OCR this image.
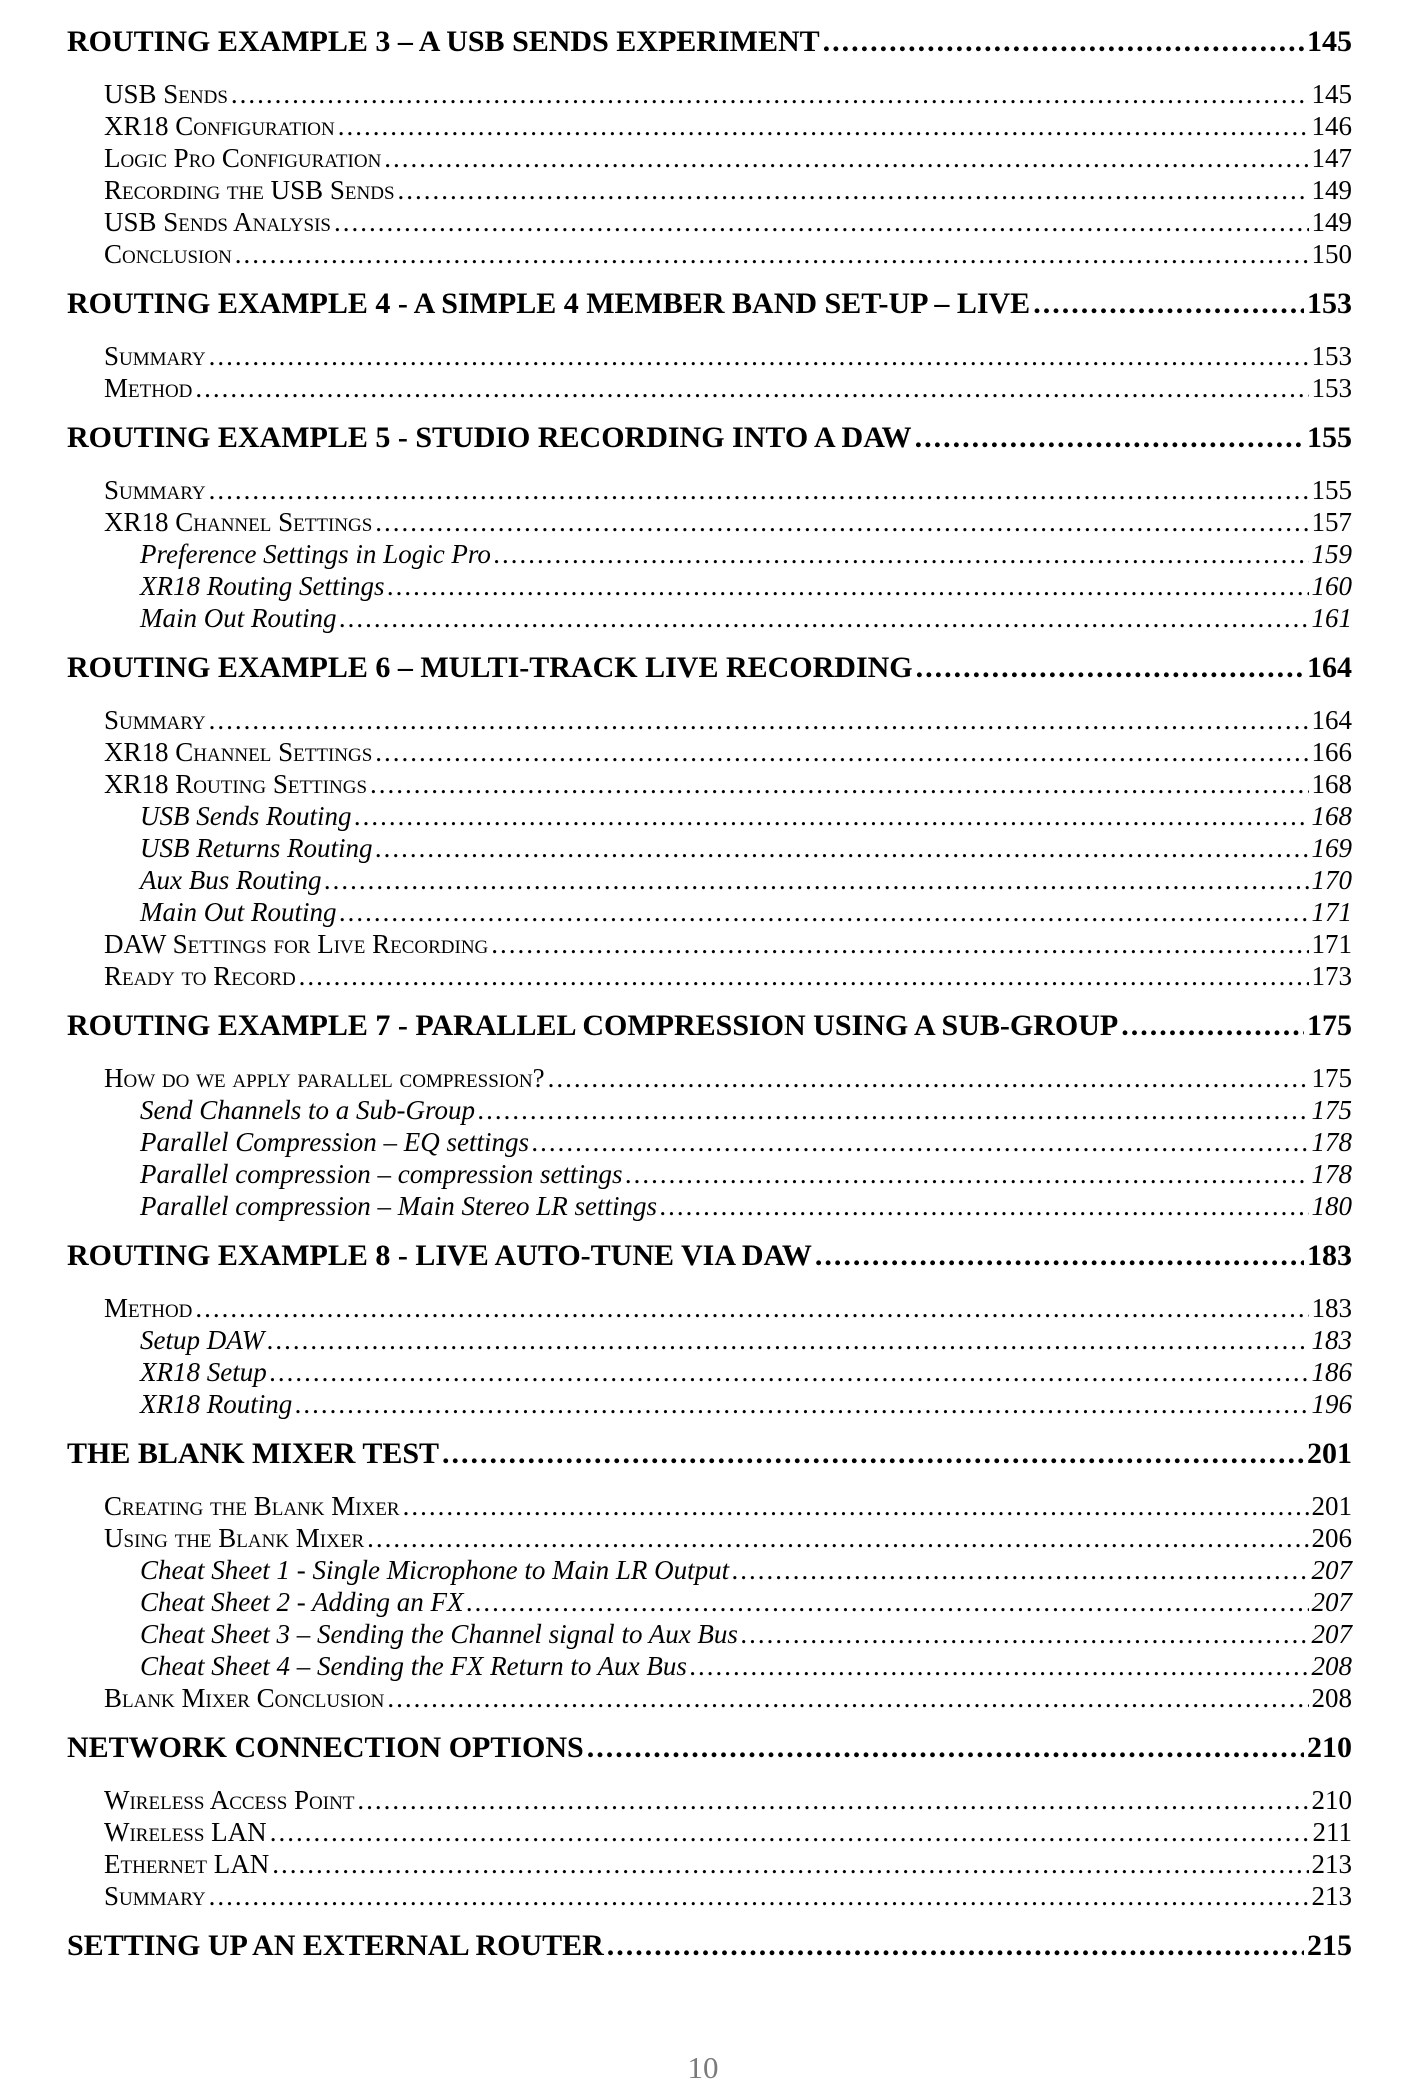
ROUTING EXAMPLE 3 – A USB SENDS EXPERIMENT .....	145
USB Sends .....	145
XR18 Configuration .....	146
Logic Pro Configuration .....	147
Recording the USB Sends .....	149
USB Sends Analysis .....	149
Conclusion .....	150
ROUTING EXAMPLE 4 - A SIMPLE 4 MEMBER BAND SET-UP – LIVE .....	153
Summary .....	153
Method .....	153
ROUTING EXAMPLE 5 - STUDIO RECORDING INTO A DAW .....	155
Summary .....	155
XR18 Channel Settings .....	157
Preference Settings in Logic Pro .....	159
XR18 Routing Settings .....	160
Main Out Routing .....	161
ROUTING EXAMPLE 6 – MULTI-TRACK LIVE RECORDING .....	164
Summary .....	164
XR18 Channel Settings .....	166
XR18 Routing Settings .....	168
USB Sends Routing .....	168
USB Returns Routing .....	169
Aux Bus Routing .....	170
Main Out Routing .....	171
DAW Settings for Live Recording .....	171
Ready to Record .....	173
ROUTING EXAMPLE 7 - PARALLEL COMPRESSION USING A SUB-GROUP .....	175
How do we apply parallel compression? .....	175
Send Channels to a Sub-Group .....	175
Parallel Compression – EQ settings .....	178
Parallel compression – compression settings .....	178
Parallel compression – Main Stereo LR settings .....	180
ROUTING EXAMPLE 8 - LIVE AUTO-TUNE VIA DAW .....	183
Method .....	183
Setup DAW .....	183
XR18 Setup .....	186
XR18 Routing .....	196
THE BLANK MIXER TEST .....	201
Creating the Blank Mixer .....	201
Using the Blank Mixer .....	206
Cheat Sheet 1 - Single Microphone to Main LR Output .....	207
Cheat Sheet 2 - Adding an FX .....	207
Cheat Sheet 3 – Sending the Channel signal to Aux Bus .....	207
Cheat Sheet 4 – Sending the FX Return to Aux Bus .....	208
Blank Mixer Conclusion .....	208
NETWORK CONNECTION OPTIONS .....	210
Wireless Access Point .....	210
Wireless LAN .....	211
Ethernet LAN .....	213
Summary .....	213
SETTING UP AN EXTERNAL ROUTER .....	215
10
